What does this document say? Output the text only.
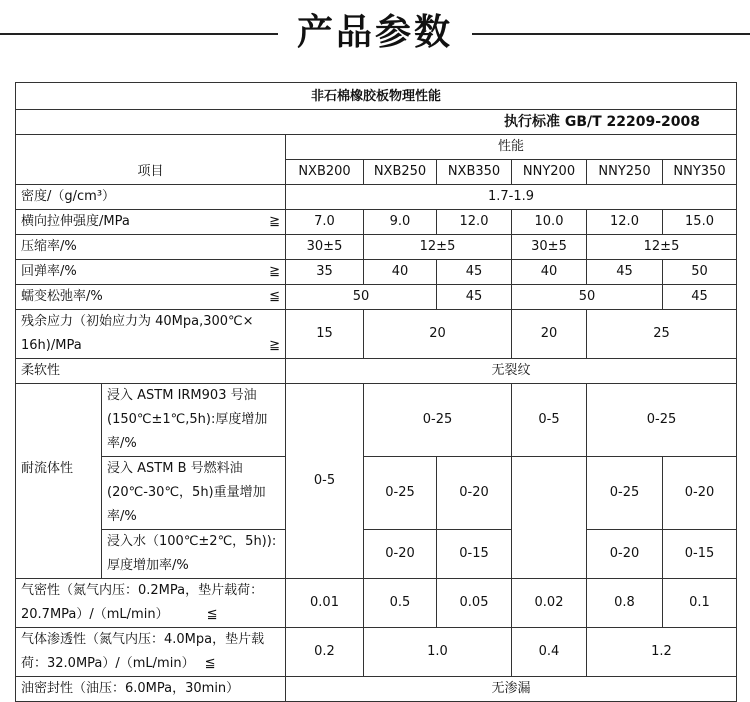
产品参数
非石棉橡胶板物理性能							
执行标准 GB/T 22209-2008							
项目		性能					
		NXB200	NXB250	NXB350	NNY200	NNY250	NNY350
密度/（g/cm³）		1.7-1.9					

横向拉伸强度/MPa ≧		7.0	9.0	12.0	10.0	12.0	15.0
压缩率/%		30±5	12±5		30±5	12±5	

回弹率/% ≧		35	40	45	40	45	50

蠕变松弛率/% ≦		50		45	50		45

残余应力（初始应力为 40Mpa,300℃×
16h)/MPa ≧		15	20		20	25	
柔软性		无裂纹					

	浸入 ASTM IRM903 号油
(150℃±1℃,5h):厚度增加
率/%	0-5	0-25		0-5	0-25	
耐流体性	浸入 ASTM B 号燃料油
(20℃-30℃，5h)重量增加
率/%		0-25	0-20		0-25	0-20

	浸入水（100℃±2℃，5h)):
厚度增加率/%		0-20	0-15		0-20	0-15

气密性（氮气内压：0.2MPa，垫片载荷：
20.7MPa）/（mL/min） ≦		0.01	0.5	0.05	0.02	0.8	0.1

气体渗透性（氮气内压：4.0Mpa，垫片载
荷：32.0MPa）/（mL/min） ≦		0.2	1.0		0.4	1.2	
油密封性（油压：6.0MPa，30min）		无渗漏					
